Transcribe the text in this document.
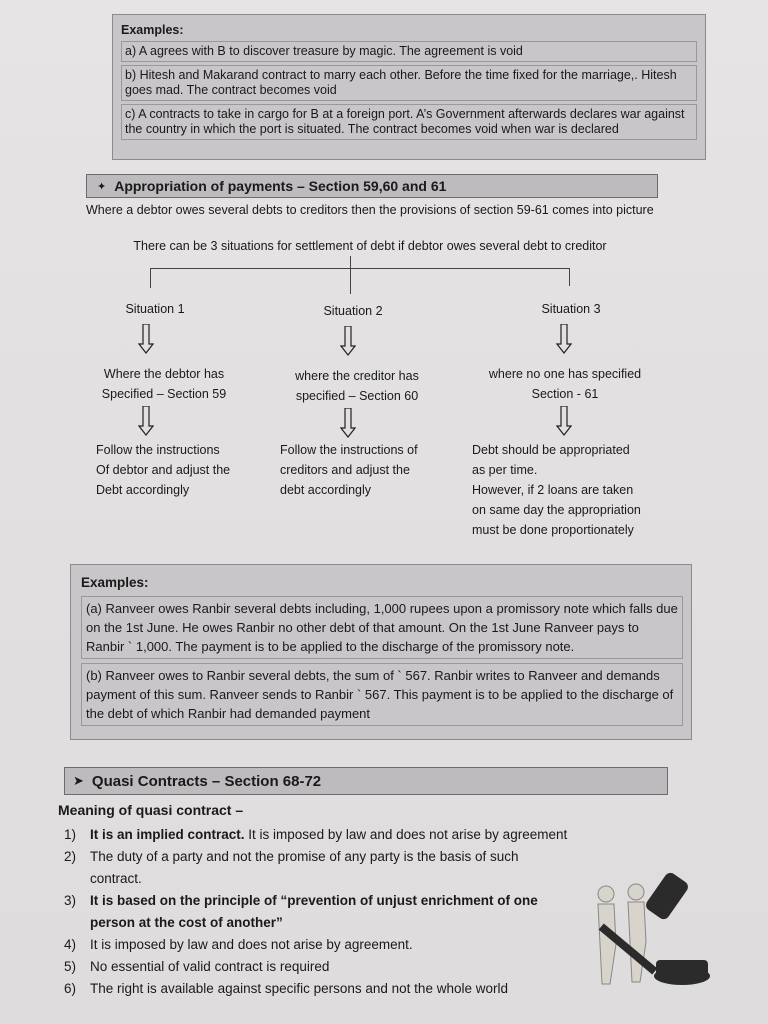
Examples:
a) A agrees with B to discover treasure by magic. The agreement is void
b) Hitesh and Makarand contract to marry each other. Before the time fixed for the marriage,. Hitesh goes mad. The contract becomes void
c) A contracts to take in cargo for B at a foreign port. A’s Government afterwards declares war against the country in which the port is situated. The contract becomes void when war is declared
✦ Appropriation of payments – Section 59,60 and 61
Where a debtor owes several debts to creditors then the provisions of section 59-61 comes into picture
There can be 3 situations for settlement of debt if debtor owes several debt to creditor
Situation 1	Situation 2	Situation 3
Where the debtor has
Specified – Section 59
where the creditor has
specified – Section 60
where no one has specified
Section - 61
Follow the instructions
Of debtor and adjust the
Debt accordingly
Follow the instructions of
creditors and adjust the
debt accordingly
Debt should be appropriated
as per time.
However, if 2 loans are taken
on same day the appropriation
must be done proportionately
Examples:
(a) Ranveer owes Ranbir several debts including, 1,000 rupees upon a promissory note which falls due on the 1st June. He owes Ranbir no other debt of that amount. On the 1st June Ranveer pays to Ranbir ` 1,000. The payment is to be applied to the discharge of the promissory note.
(b) Ranveer owes to Ranbir several debts, the sum of ` 567. Ranbir writes to Ranveer and demands payment of this sum. Ranveer sends to Ranbir ` 567. This payment is to be applied to the discharge of the debt of which Ranbir had demanded payment
➤ Quasi Contracts – Section 68-72
Meaning of quasi contract –
1)	It is an implied contract. It is imposed by law and does not arise by agreement
2)	The duty of a party and not the promise of any party is the basis of such contract.
3)	It is based on the principle of “prevention of unjust enrichment of one person at the cost of another”
4)	It is imposed by law and does not arise by agreement.
5)	No essential of valid contract is required
6)	The right is available against specific persons and not the whole world
